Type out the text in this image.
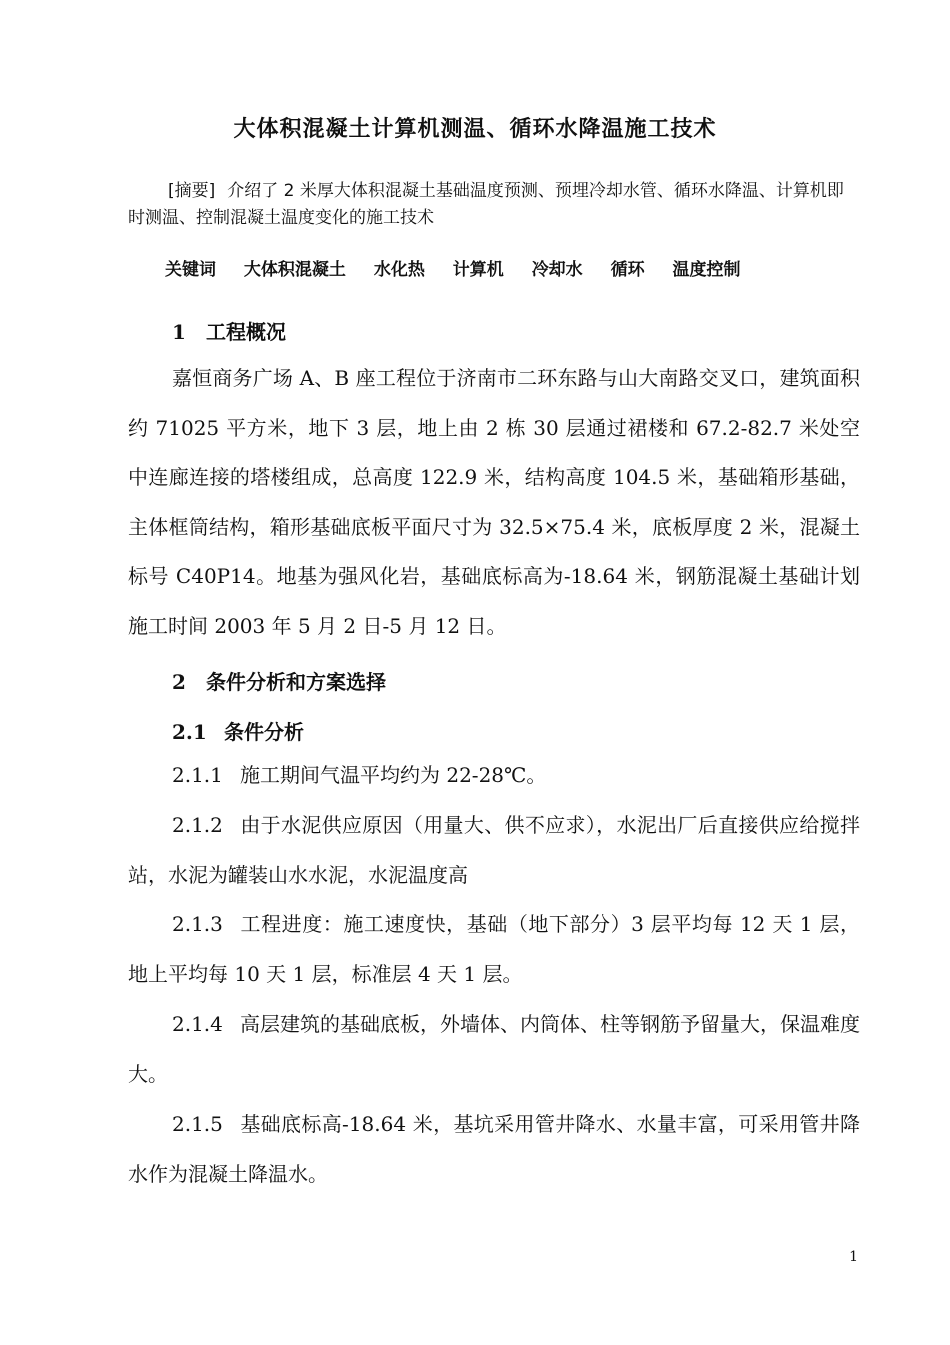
大体积混凝土计算机测温、循环水降温施工技术
[摘要] 介绍了 2 米厚大体积混凝土基础温度预测、预埋冷却水管、循环水降温、计算机即时测温、控制混凝土温度变化的施工技术
关键词 大体积混凝土 水化热 计算机 冷却水 循环 温度控制
1 工程概况
嘉恒商务广场 A、B 座工程位于济南市二环东路与山大南路交叉口，建筑面积约 71025 平方米，地下 3 层，地上由 2 栋 30 层通过裙楼和 67.2-82.7 米处空中连廊连接的塔楼组成，总高度 122.9 米，结构高度 104.5 米，基础箱形基础，主体框筒结构，箱形基础底板平面尺寸为 32.5×75.4 米，底板厚度 2 米，混凝土标号 C40P14。地基为强风化岩，基础底标高为-18.64 米，钢筋混凝土基础计划施工时间 2003 年 5 月 2 日-5 月 12 日。
2 条件分析和方案选择
2.1 条件分析
2.1.1 施工期间气温平均约为 22-28℃。
2.1.2 由于水泥供应原因（用量大、供不应求），水泥出厂后直接供应给搅拌站，水泥为罐装山水水泥，水泥温度高
2.1.3 工程进度：施工速度快，基础（地下部分）3 层平均每 12 天 1 层，地上平均每 10 天 1 层，标准层 4 天 1 层。
2.1.4 高层建筑的基础底板，外墙体、内筒体、柱等钢筋予留量大，保温难度大。
2.1.5 基础底标高-18.64 米，基坑采用管井降水、水量丰富，可采用管井降水作为混凝土降温水。
1
